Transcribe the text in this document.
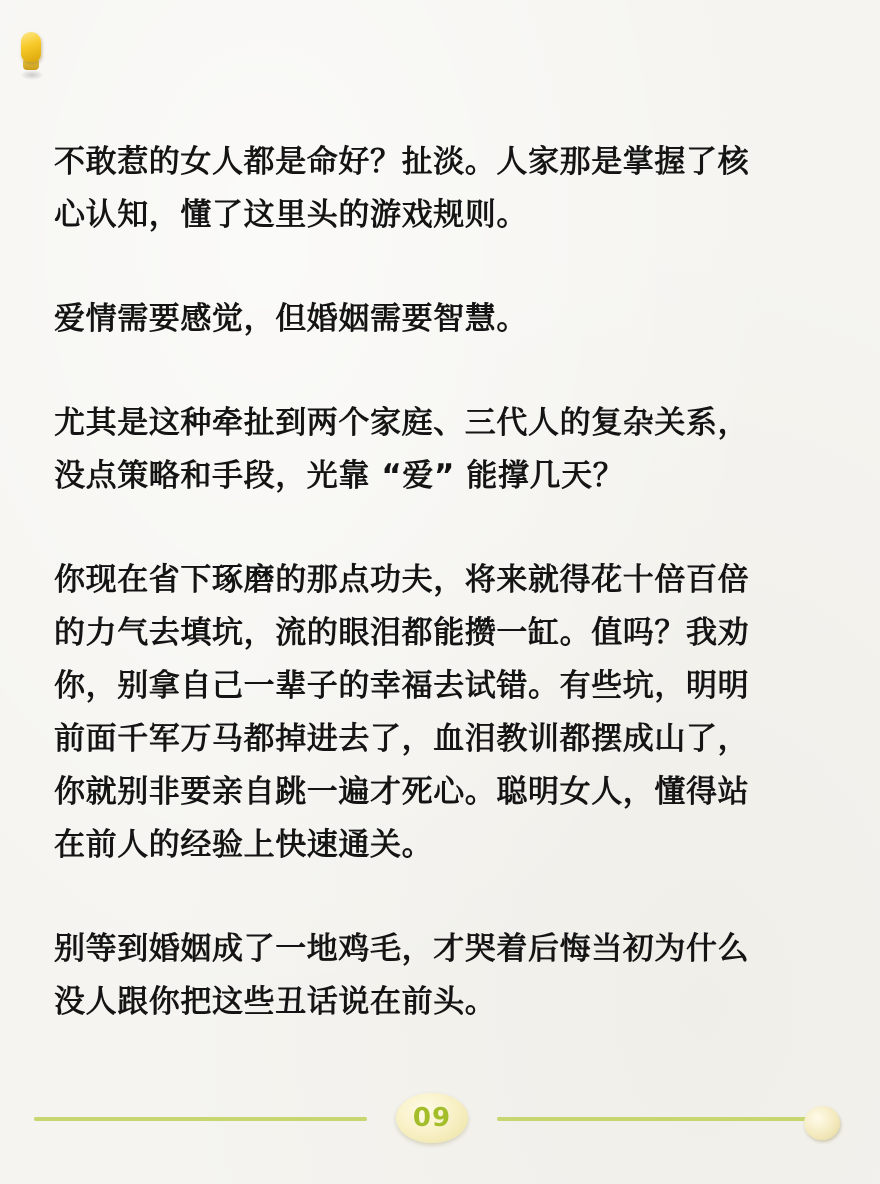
不敢惹的女人都是命好？扯淡。人家那是掌握了核
心认知，懂了这里头的游戏规则。

爱情需要感觉，但婚姻需要智慧。

尤其是这种牵扯到两个家庭、三代人的复杂关系，
没点策略和手段，光靠 “爱” 能撑几天？

你现在省下琢磨的那点功夫，将来就得花十倍百倍
的力气去填坑，流的眼泪都能攒一缸。值吗？我劝
你，别拿自己一辈子的幸福去试错。有些坑，明明
前面千军万马都掉进去了，血泪教训都摆成山了，
你就别非要亲自跳一遍才死心。聪明女人，懂得站
在前人的经验上快速通关。

别等到婚姻成了一地鸡毛，才哭着后悔当初为什么
没人跟你把这些丑话说在前头。

09
